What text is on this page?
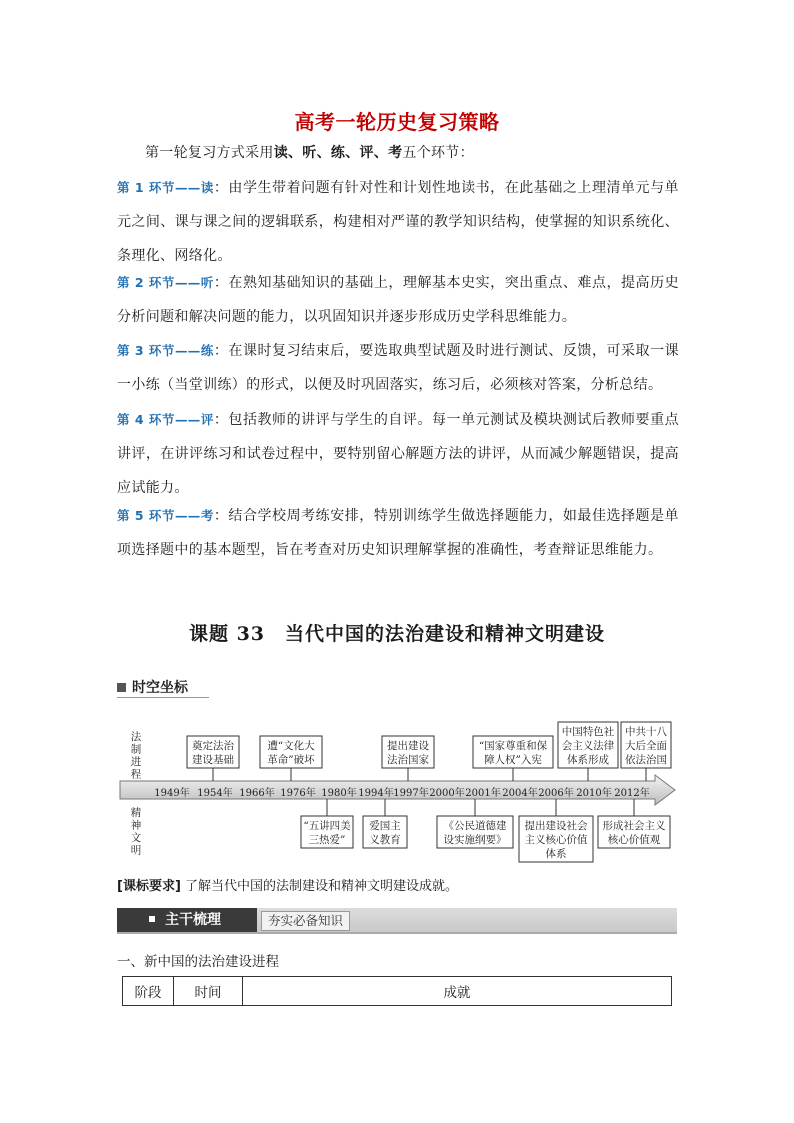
高考一轮历史复习策略
第一轮复习方式采用读、听、练、评、考五个环节：
第 1 环节——读：由学生带着问题有针对性和计划性地读书，在此基础之上理清单元与单元之间、课与课之间的逻辑联系，构建相对严谨的教学知识结构，使掌握的知识系统化、条理化、网络化。
第 2 环节——听：在熟知基础知识的基础上，理解基本史实，突出重点、难点，提高历史分析问题和解决问题的能力，以巩固知识并逐步形成历史学科思维能力。
第 3 环节——练：在课时复习结束后，要选取典型试题及时进行测试、反馈，可采取一课一小练（当堂训练）的形式，以便及时巩固落实，练习后，必须核对答案，分析总结。
第 4 环节——评：包括教师的讲评与学生的自评。每一单元测试及模块测试后教师要重点讲评，在讲评练习和试卷过程中，要特别留心解题方法的讲评，从而减少解题错误，提高应试能力。
第 5 环节——考：结合学校周考练安排，特别训练学生做选择题能力，如最佳选择题是单项选择题中的基本题型，旨在考查对历史知识理解掌握的准确性，考查辩证思维能力。
课题 33　当代中国的法治建设和精神文明建设
时空坐标
法
制
进
程
精
神
文
明
1949年 1954年 1966年 1976年 1980年 1994年 1997年 2000年 2001年 2004年 2006年 2010年 2012年
奠定法治
建设基础
遭“文化大
革命”破坏
提出建设
法治国家
“国家尊重和保
障人权”入宪
中国特色社
会主义法律
体系形成
中共十八
大后全面
依法治国
“五讲四美
三热爱”
爱国主
义教育
《公民道德建
设实施纲要》
提出建设社会
主义核心价值
体系
形成社会主义
核心价值观
[课标要求] 了解当代中国的法制建设和精神文明建设成就。
主干梳理	夯实必备知识
一、新中国的法治建设进程
阶段	时间	成就
